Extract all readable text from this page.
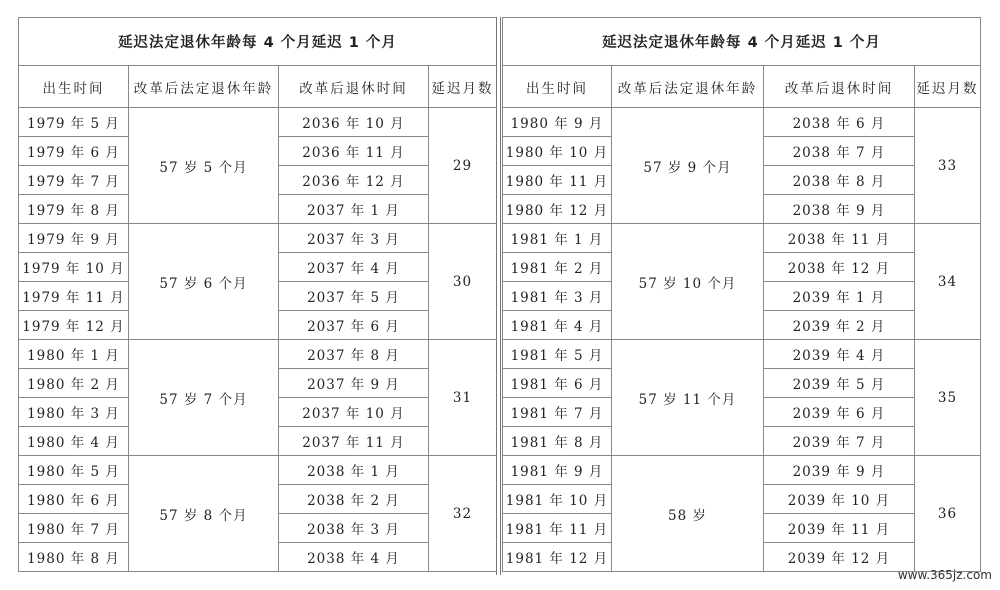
延迟法定退休年龄每 4 个月延迟 1 个月			
出生时间	改革后法定退休年龄	改革后退休时间	延迟月数
1979 年 5 月	57 岁 5 个月	2036 年 10 月	29
1979 年 6 月		2036 年 11 月	
1979 年 7 月		2036 年 12 月	
1979 年 8 月		2037 年 1 月	
1979 年 9 月	57 岁 6 个月	2037 年 3 月	30
1979 年 10 月		2037 年 4 月	
1979 年 11 月		2037 年 5 月	
1979 年 12 月		2037 年 6 月	
1980 年 1 月	57 岁 7 个月	2037 年 8 月	31
1980 年 2 月		2037 年 9 月	
1980 年 3 月		2037 年 10 月	
1980 年 4 月		2037 年 11 月	
1980 年 5 月	57 岁 8 个月	2038 年 1 月	32
1980 年 6 月		2038 年 2 月	
1980 年 7 月		2038 年 3 月	
1980 年 8 月		2038 年 4 月	
延迟法定退休年龄每 4 个月延迟 1 个月			
出生时间	改革后法定退休年龄	改革后退休时间	延迟月数
1980 年 9 月	57 岁 9 个月	2038 年 6 月	33
1980 年 10 月		2038 年 7 月	
1980 年 11 月		2038 年 8 月	
1980 年 12 月		2038 年 9 月	
1981 年 1 月	57 岁 10 个月	2038 年 11 月	34
1981 年 2 月		2038 年 12 月	
1981 年 3 月		2039 年 1 月	
1981 年 4 月		2039 年 2 月	
1981 年 5 月	57 岁 11 个月	2039 年 4 月	35
1981 年 6 月		2039 年 5 月	
1981 年 7 月		2039 年 6 月	
1981 年 8 月		2039 年 7 月	
1981 年 9 月	58 岁	2039 年 9 月	36
1981 年 10 月		2039 年 10 月	
1981 年 11 月		2039 年 11 月	
1981 年 12 月		2039 年 12 月	
www.365jz.com
